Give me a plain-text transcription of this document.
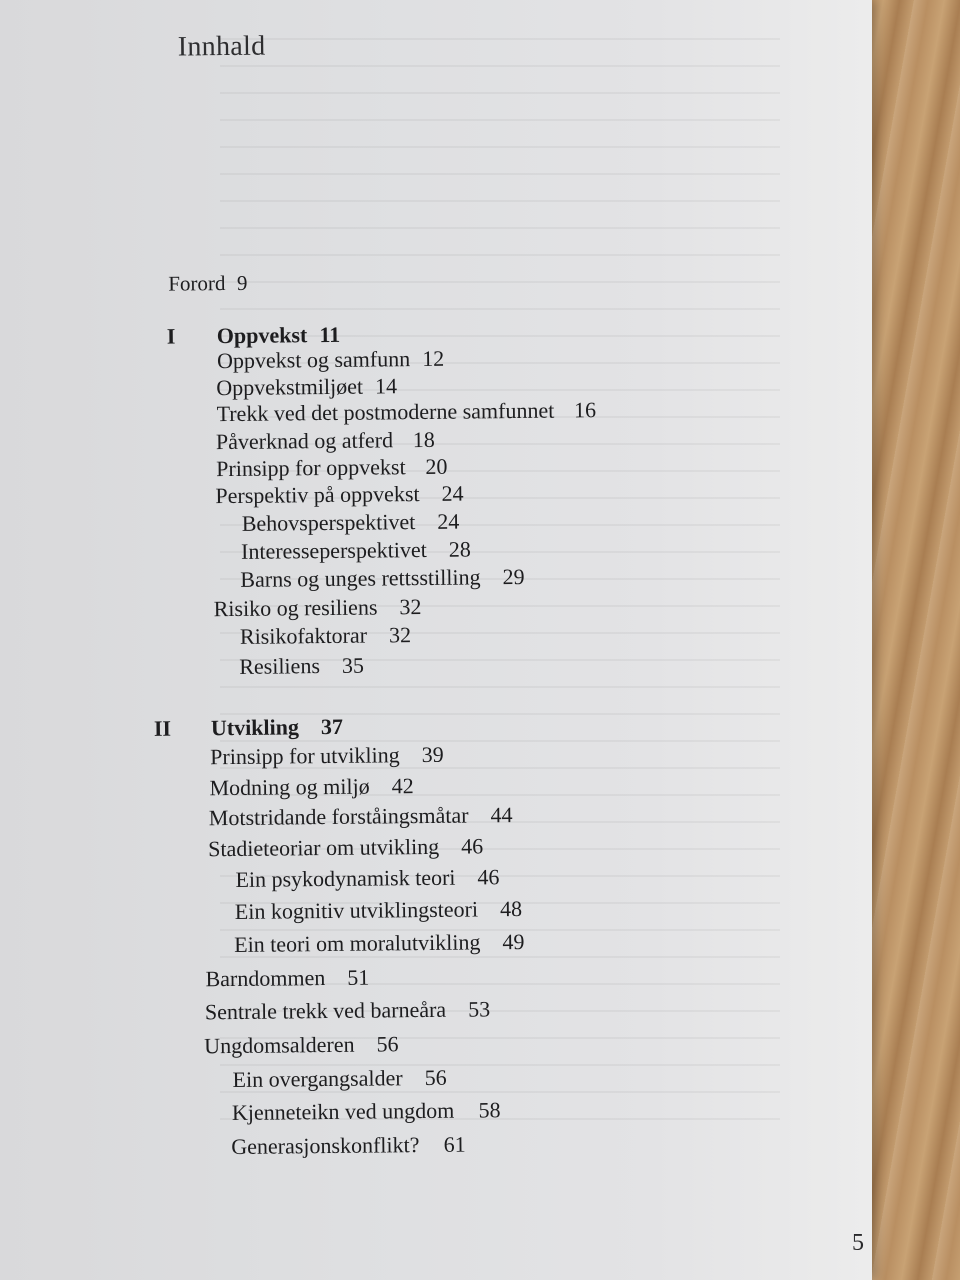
Innhald
Forord 9
I Oppvekst 11
Oppvekst og samfunn 12
Oppvekstmiljøet 14
Trekk ved det postmoderne samfunnet 16
Påverknad og atferd 18
Prinsipp for oppvekst 20
Perspektiv på oppvekst 24
Behovsperspektivet 24
Interesseperspektivet 28
Barns og unges rettsstilling 29
Risiko og resiliens 32
Risikofaktorar 32
Resiliens 35
II Utvikling 37
Prinsipp for utvikling 39
Modning og miljø 42
Motstridande forståingsmåtar 44
Stadieteoriar om utvikling 46
Ein psykodynamisk teori 46
Ein kognitiv utviklingsteori 48
Ein teori om moralutvikling 49
Barndommen 51
Sentrale trekk ved barneåra 53
Ungdomsalderen 56
Ein overgangsalder 56
Kjenneteikn ved ungdom 58
Generasjonskonflikt? 61
5
